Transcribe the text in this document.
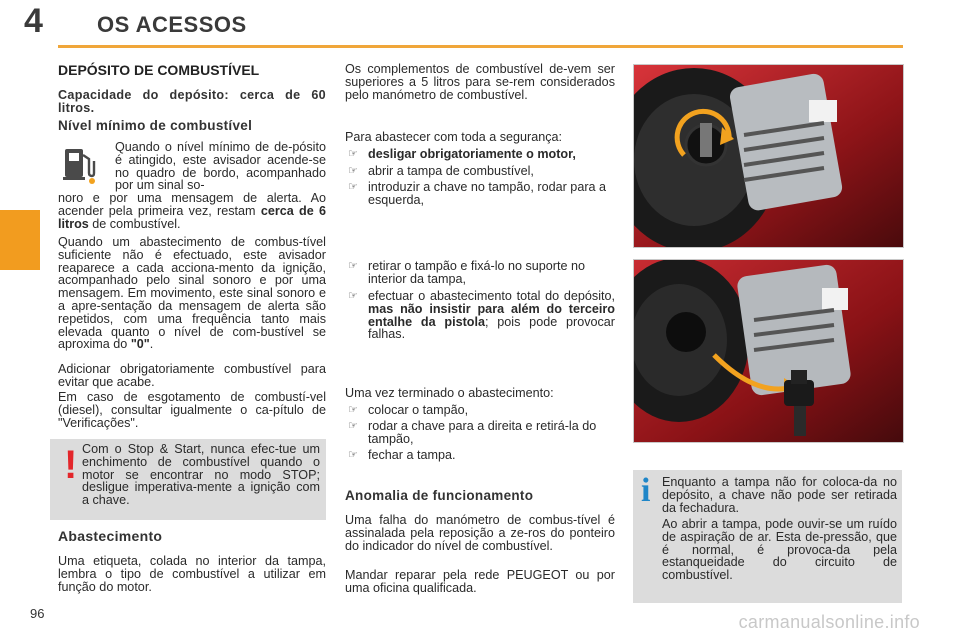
4 OS ACESSOS
DEPÓSITO DE COMBUSTÍVEL
Capacidade do depósito: cerca de 60 litros.
Nível mínimo de combustível
Quando o nível mínimo de de-pósito é atingido, este avisador acende-se no quadro de bordo, acompanhado por um sinal so-
noro e por uma mensagem de alerta. Ao acender pela primeira vez, restam cerca de 6 litros de combustível.
Quando um abastecimento de combus-tível suficiente não é efectuado, este avisador reaparece a cada acciona-mento da ignição, acompanhado pelo sinal sonoro e por uma mensagem. Em movimento, este sinal sonoro e a apre-sentação da mensagem de alerta são repetidos, com uma frequência tanto mais elevada quanto o nível de com-bustível se aproxima do "0".
Adicionar obrigatoriamente combustível para evitar que acabe.
Em caso de esgotamento de combustí-vel (diesel), consultar igualmente o ca-pítulo de "Verificações".
! Com o Stop & Start, nunca efec-tue um enchimento de combustível quando o motor se encontrar no modo STOP; desligue imperativa-mente a ignição com a chave.
Abastecimento
Uma etiqueta, colada no interior da tampa, lembra o tipo de combustível a utilizar em função do motor.
Os complementos de combustível de-vem ser superiores a 5 litros para se-rem considerados pelo manómetro de combustível.
Para abastecer com toda a segurança:
☞ desligar obrigatoriamente o motor,
☞ abrir a tampa de combustível,
☞ introduzir a chave no tampão, rodar para a esquerda,
☞ retirar o tampão e fixá-lo no suporte no interior da tampa,
☞ efectuar o abastecimento total do depósito, mas não insistir para além do terceiro entalhe da pistola; pois pode provocar falhas.
Uma vez terminado o abastecimento:
☞ colocar o tampão,
☞ rodar a chave para a direita e retirá-la do tampão,
☞ fechar a tampa.
Anomalia de funcionamento
Uma falha do manómetro de combus-tível é assinalada pela reposição a ze-ros do ponteiro do indicador do nível de combustível.
Mandar reparar pela rede PEUGEOT ou por uma oficina qualificada.
i Enquanto a tampa não for coloca-da no depósito, a chave não pode ser retirada da fechadura.
Ao abrir a tampa, pode ouvir-se um ruído de aspiração de ar. Esta de-pressão, que é normal, é provoca-da pela estanqueidade do circuito de combustível.
96	carmanualsonline.info
